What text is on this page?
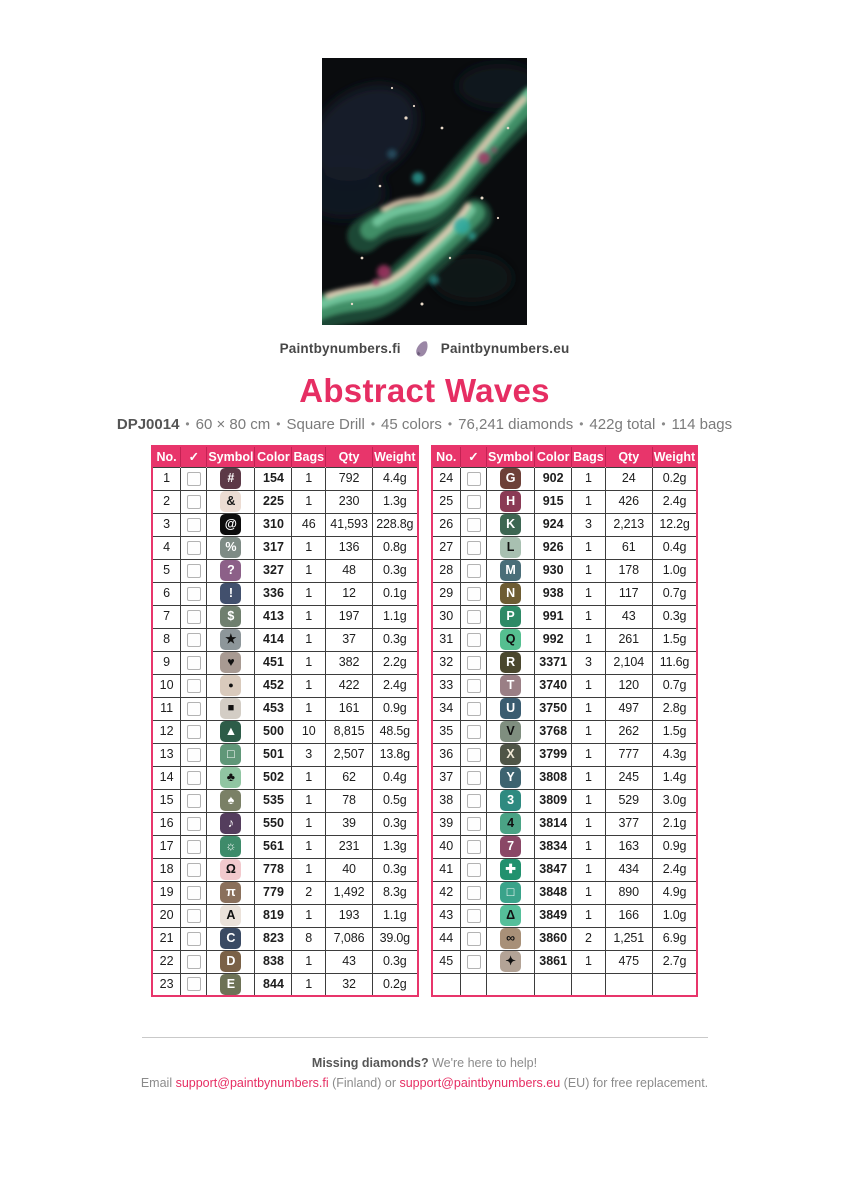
Paintbynumbers.fi	Paintbynumbers.eu
Abstract Waves
DPJ0014 • 60 × 80 cm • Square Drill • 45 colors • 76,241 diamonds • 422g total • 114 bags
No.	✓	Symbol	Color	Bags	Qty	Weight
1		#	154	1	792	4.4g
2		&	225	1	230	1.3g
3		@	310	46	41,593	228.8g
4		%	317	1	136	0.8g
5		?	327	1	48	0.3g
6		!	336	1	12	0.1g
7		$	413	1	197	1.1g
8		★	414	1	37	0.3g
9		♥	451	1	382	2.2g
10		●	452	1	422	2.4g
11		■	453	1	161	0.9g
12		▲	500	10	8,815	48.5g
13		□	501	3	2,507	13.8g
14		♣	502	1	62	0.4g
15		♠	535	1	78	0.5g
16		♪	550	1	39	0.3g
17		☼	561	1	231	1.3g
18		Ω	778	1	40	0.3g
19		π	779	2	1,492	8.3g
20		A	819	1	193	1.1g
21		C	823	8	7,086	39.0g
22		D	838	1	43	0.3g
23		E	844	1	32	0.2g
No.	✓	Symbol	Color	Bags	Qty	Weight
24		G	902	1	24	0.2g
25		H	915	1	426	2.4g
26		K	924	3	2,213	12.2g
27		L	926	1	61	0.4g
28		M	930	1	178	1.0g
29		N	938	1	117	0.7g
30		P	991	1	43	0.3g
31		Q	992	1	261	1.5g
32		R	3371	3	2,104	11.6g
33		T	3740	1	120	0.7g
34		U	3750	1	497	2.8g
35		V	3768	1	262	1.5g
36		X	3799	1	777	4.3g
37		Y	3808	1	245	1.4g
38		3	3809	1	529	3.0g
39		4	3814	1	377	2.1g
40		7	3834	1	163	0.9g
41		✚	3847	1	434	2.4g
42		□	3848	1	890	4.9g
43		Δ	3849	1	166	1.0g
44		∞	3860	2	1,251	6.9g
45		✦	3861	1	475	2.7g

Missing diamonds? We're here to help!
Email support@paintbynumbers.fi (Finland) or support@paintbynumbers.eu (EU) for free replacement.
